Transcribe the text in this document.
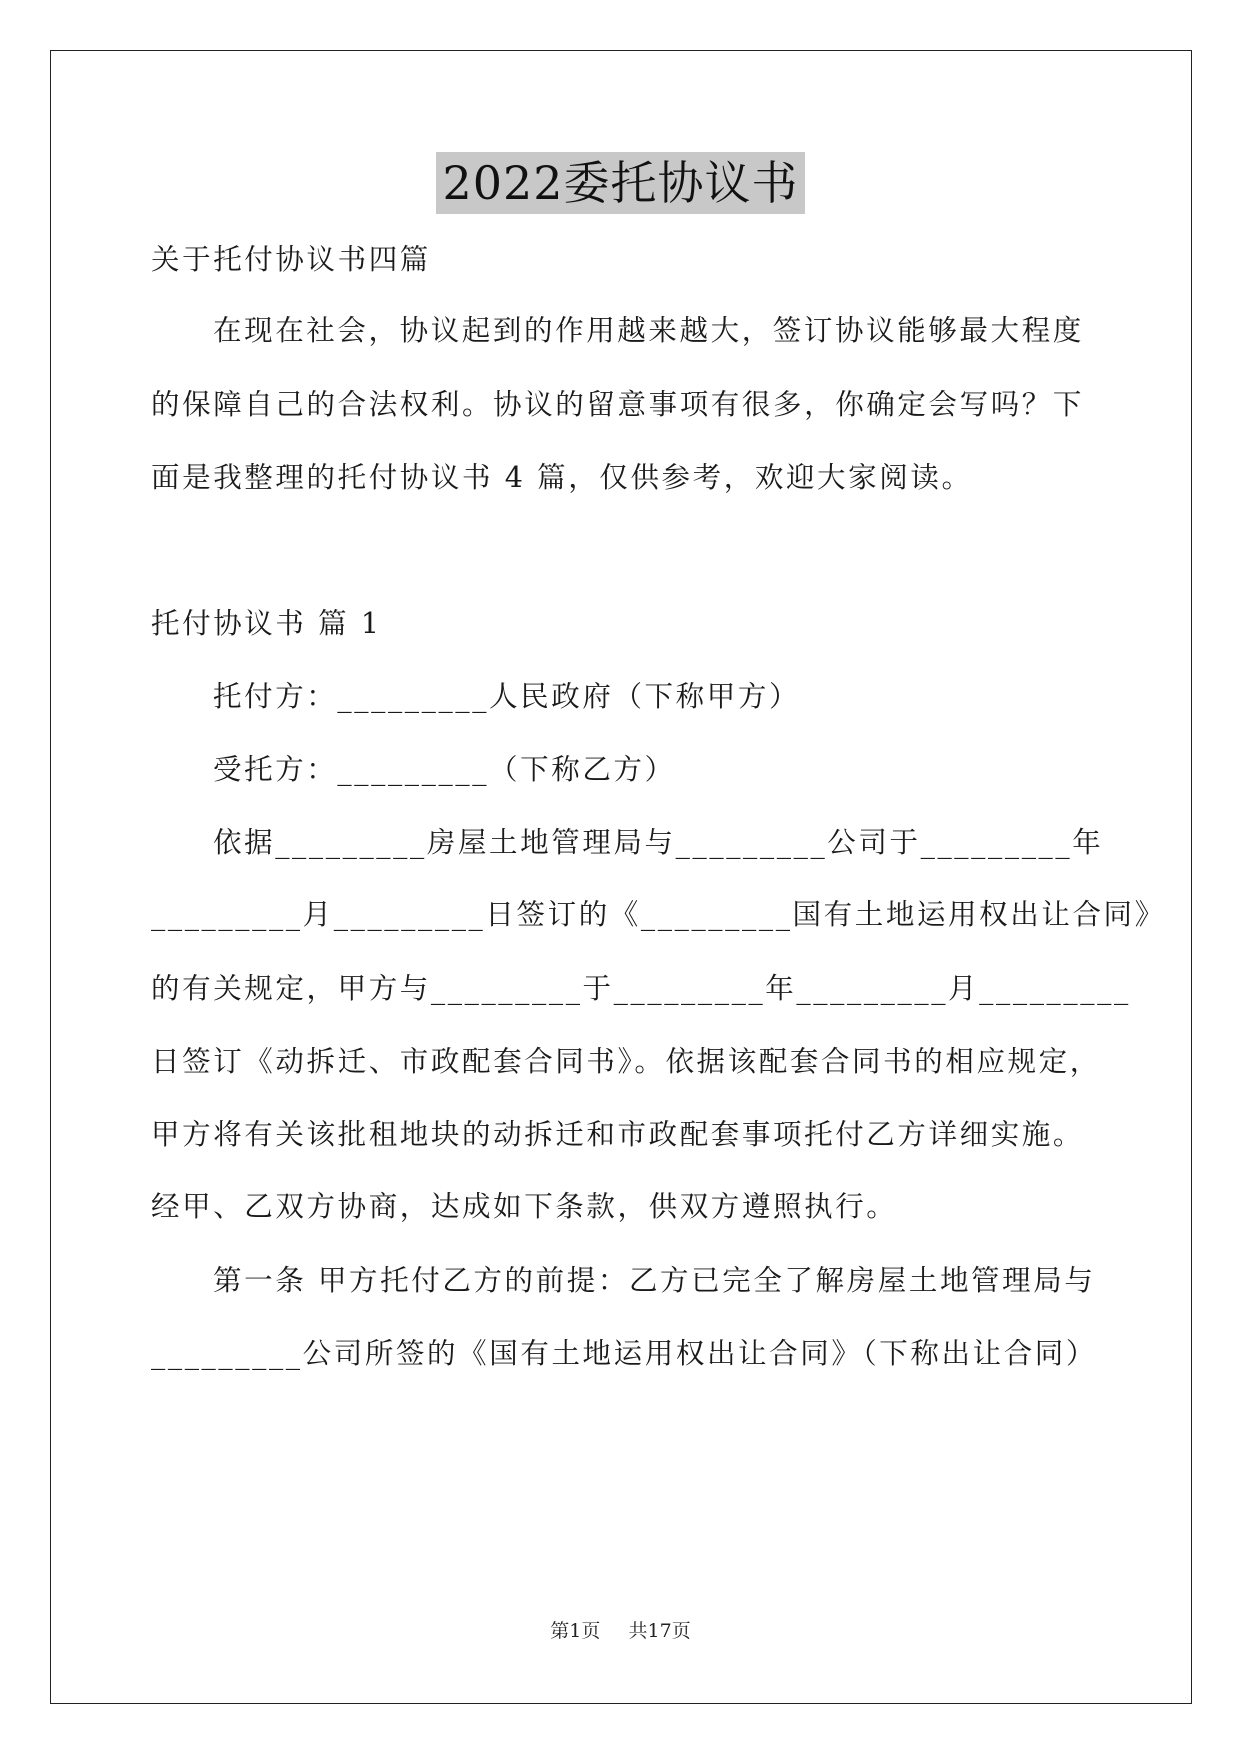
2022委托协议书
关于托付协议书四篇
在现在社会，协议起到的作用越来越大，签订协议能够最大程度
的保障自己的合法权利。协议的留意事项有很多，你确定会写吗？下
面是我整理的托付协议书 4 篇，仅供参考，欢迎大家阅读。
托付协议书 篇 1
托付方：_________人民政府（下称甲方）
受托方：_________（下称乙方）
依据_________房屋土地管理局与_________公司于_________年
_________月_________日签订的《_________国有土地运用权出让合同》
的有关规定，甲方与_________于_________年_________月_________
日签订《动拆迁、市政配套合同书》。依据该配套合同书的相应规定，
甲方将有关该批租地块的动拆迁和市政配套事项托付乙方详细实施。
经甲、乙双方协商，达成如下条款，供双方遵照执行。
第一条 甲方托付乙方的前提：乙方已完全了解房屋土地管理局与
_________公司所签的《国有土地运用权出让合同》（下称出让合同）
第1页 共17页
